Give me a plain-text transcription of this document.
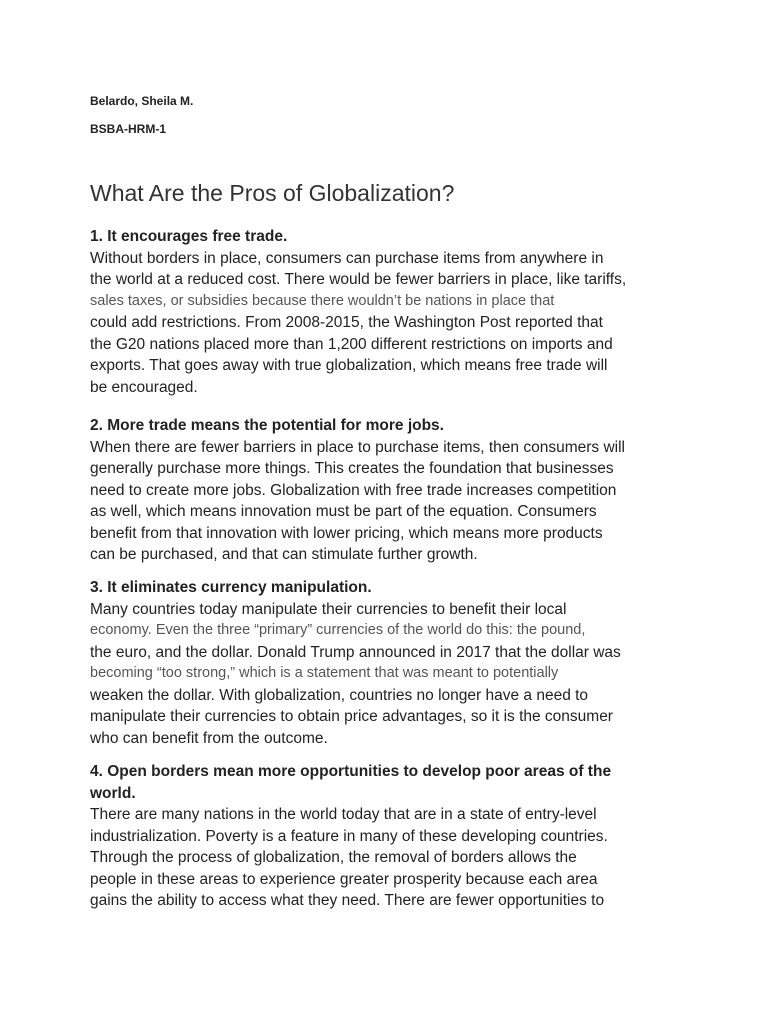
Belardo, Sheila M.

BSBA-HRM-1

What Are the Pros of Globalization?
1. It encourages free trade.

Without borders in place, consumers can purchase items from anywhere in

the world at a reduced cost. There would be fewer barriers in place, like tariffs,

sales taxes, or subsidies because there wouldn’t be nations in place that

could add restrictions. From 2008-2015, the Washington Post reported that

the G20 nations placed more than 1,200 different restrictions on imports and

exports. That goes away with true globalization, which means free trade will

be encouraged.

2. More trade means the potential for more jobs.

When there are fewer barriers in place to purchase items, then consumers will

generally purchase more things. This creates the foundation that businesses

need to create more jobs. Globalization with free trade increases competition

as well, which means innovation must be part of the equation. Consumers

benefit from that innovation with lower pricing, which means more products

can be purchased, and that can stimulate further growth.

3. It eliminates currency manipulation.

Many countries today manipulate their currencies to benefit their local

economy. Even the three “primary” currencies of the world do this: the pound,

the euro, and the dollar. Donald Trump announced in 2017 that the dollar was

becoming “too strong,” which is a statement that was meant to potentially

weaken the dollar. With globalization, countries no longer have a need to

manipulate their currencies to obtain price advantages, so it is the consumer

who can benefit from the outcome.

4. Open borders mean more opportunities to develop poor areas of the
world.

There are many nations in the world today that are in a state of entry-level

industrialization. Poverty is a feature in many of these developing countries.

Through the process of globalization, the removal of borders allows the

people in these areas to experience greater prosperity because each area

gains the ability to access what they need. There are fewer opportunities to
